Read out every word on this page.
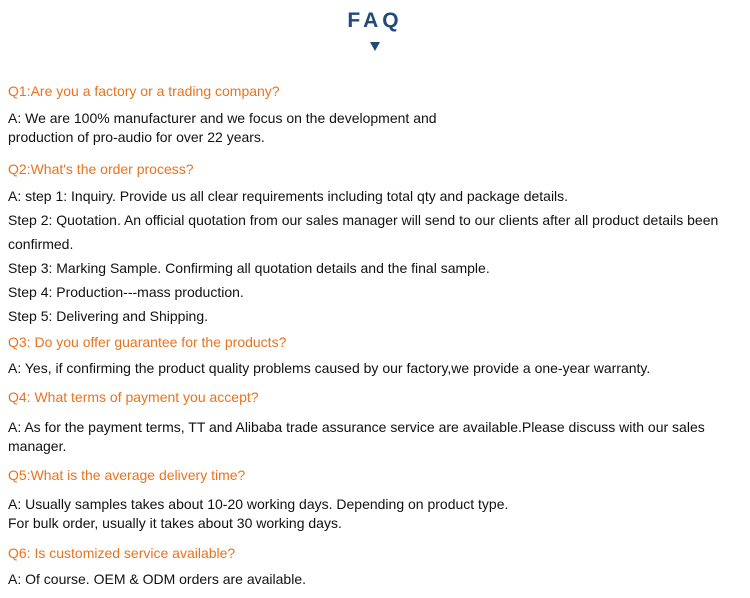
FAQ
Q1:Are you a factory or a trading company?
A: We are 100% manufacturer and we focus on the development and
production of pro-audio for over 22 years.
Q2:What's the order process?
A: step 1: Inquiry. Provide us all clear requirements including total qty and package details.
Step 2: Quotation. An official quotation from our sales manager will send to our clients after all product details been
confirmed.
Step 3: Marking Sample. Confirming all quotation details and the final sample.
Step 4: Production---mass production.
Step 5: Delivering and Shipping.
Q3: Do you offer guarantee for the products?
A: Yes, if confirming the product quality problems caused by our factory,we provide a one-year warranty.
Q4: What terms of payment you accept?
A: As for the payment terms, TT and Alibaba trade assurance service are available.Please discuss with our sales
manager.
Q5:What is the average delivery time?
A: Usually samples takes about 10-20 working days. Depending on product type.
For bulk order, usually it takes about 30 working days.
Q6: Is customized service available?
A: Of course. OEM & ODM orders are available.
